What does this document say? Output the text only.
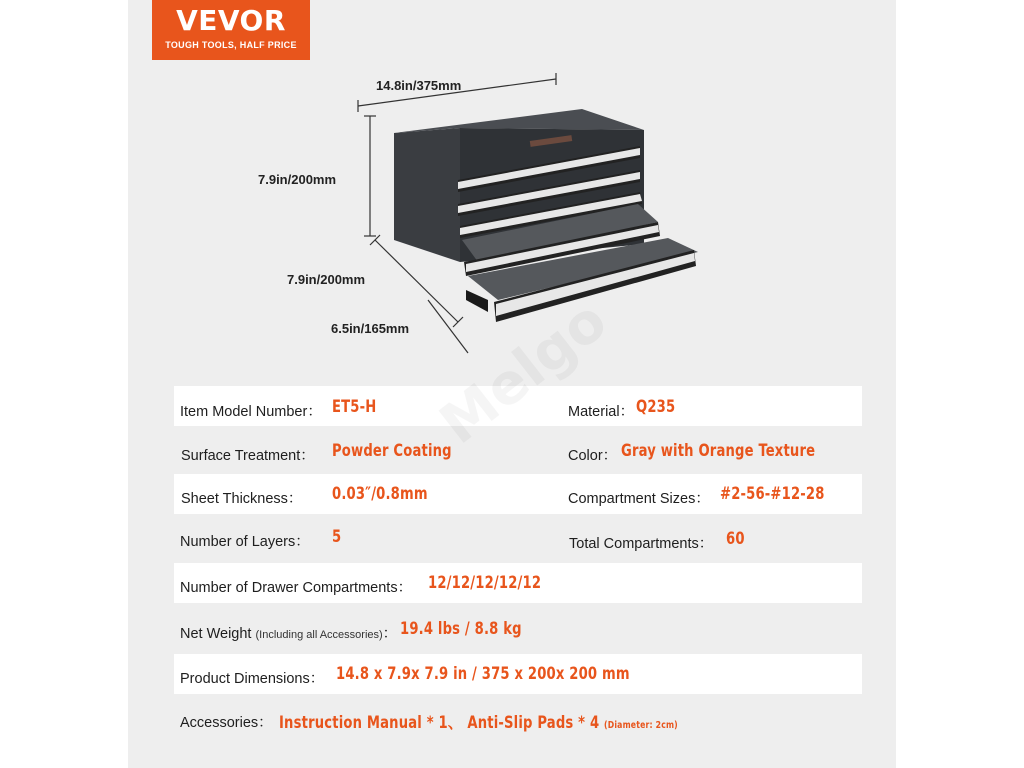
VEVOR
TOUGH TOOLS, HALF PRICE
14.8in/375mm
7.9in/200mm
7.9in/200mm
6.5in/165mm
Item Model Number： ET5-H	Material： Q235
Surface Treatment： Powder Coating	Color： Gray with Orange Texture
Sheet Thickness： 0.03″/0.8mm	Compartment Sizes： #2-56-#12-28
Number of Layers： 5	Total Compartments： 60
Number of Drawer Compartments： 12/12/12/12/12
Net Weight (Including all Accessories)： 19.4 lbs / 8.8 kg
Product Dimensions： 14.8 x 7.9x 7.9 in / 375 x 200x 200 mm
Accessories： Instruction Manual * 1、 Anti-Slip Pads * 4 (Diameter: 2cm)
